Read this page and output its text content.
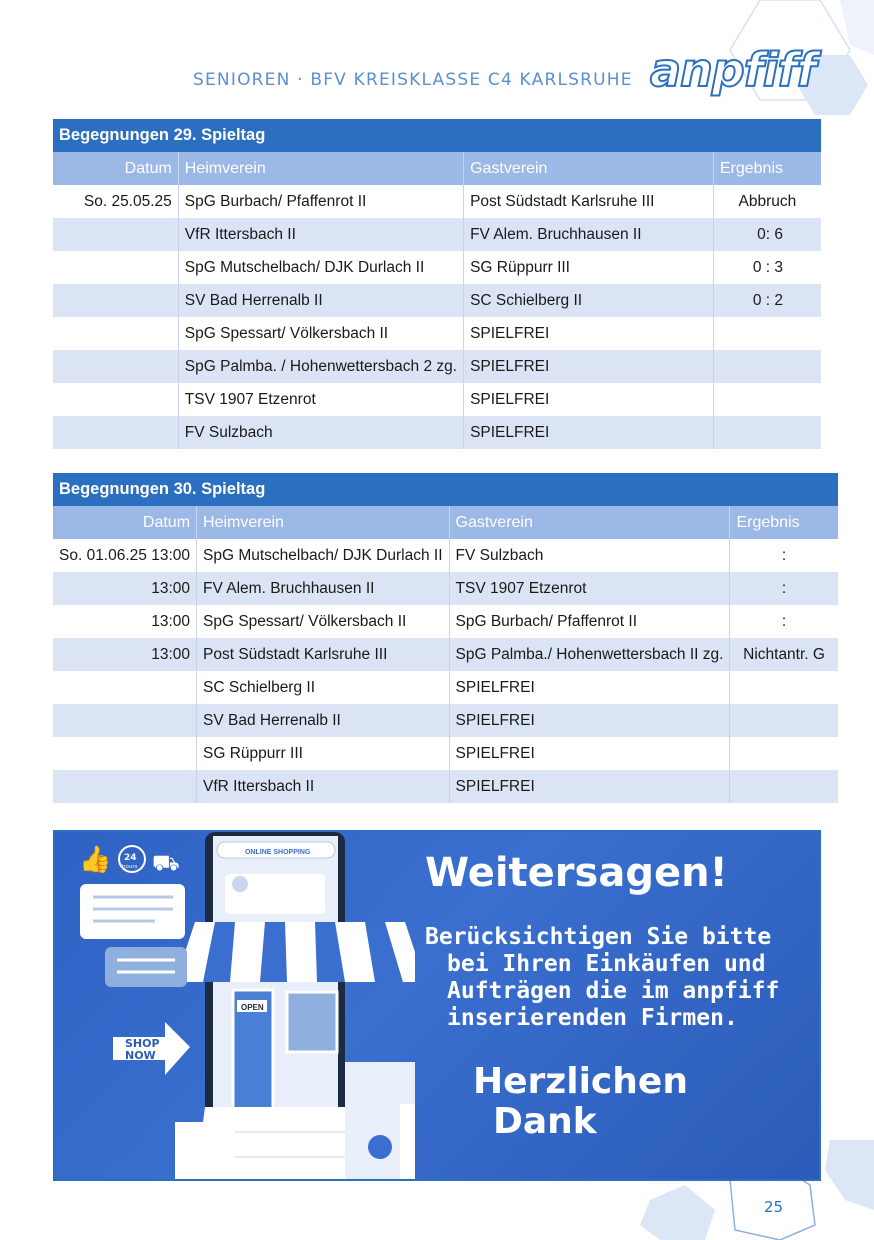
SENIOREN · BFV KREISKLASSE C4 KARLSRUHE anpfiff
Begegnungen 29. Spieltag			
Datum	Heimverein	Gastverein	Ergebnis
So. 25.05.25	SpG Burbach/ Pfaffenrot II	Post Südstadt Karlsruhe III	Abbruch
	VfR Ittersbach II	FV Alem. Bruchhausen II	0: 6
	SpG Mutschelbach/ DJK Durlach II	SG Rüppurr III	0 : 3
	SV Bad Herrenalb II	SC Schielberg II	0 : 2
	SpG Spessart/ Völkersbach II	SPIELFREI	
	SpG Palmba. / Hohenwettersbach 2 zg.	SPIELFREI	
	TSV 1907 Etzenrot	SPIELFREI	
	FV Sulzbach	SPIELFREI	
Begegnungen 30. Spieltag			
Datum	Heimverein	Gastverein	Ergebnis
So. 01.06.25 13:00	SpG Mutschelbach/ DJK Durlach II	FV Sulzbach	:
13:00	FV Alem. Bruchhausen II	TSV 1907 Etzenrot	:
13:00	SpG Spessart/ Völkersbach II	SpG Burbach/ Pfaffenrot II	:
13:00	Post Südstadt Karlsruhe III	SpG Palmba./ Hohenwettersbach II zg.	Nichtantr. G
	SC Schielberg II	SPIELFREI	
	SV Bad Herrenalb II	SPIELFREI	
	SG Rüppurr III	SPIELFREI	
	VfR Ittersbach II	SPIELFREI	
ONLINE SHOPPING
OPEN
👍 24
hours ⛟
SHOP NOW
Weitersagen!
Berücksichtigen Sie bitte
bei Ihren Einkäufen und
Aufträgen die im anpfiff
inserierenden Firmen.
Herzlichen
Dank
25
